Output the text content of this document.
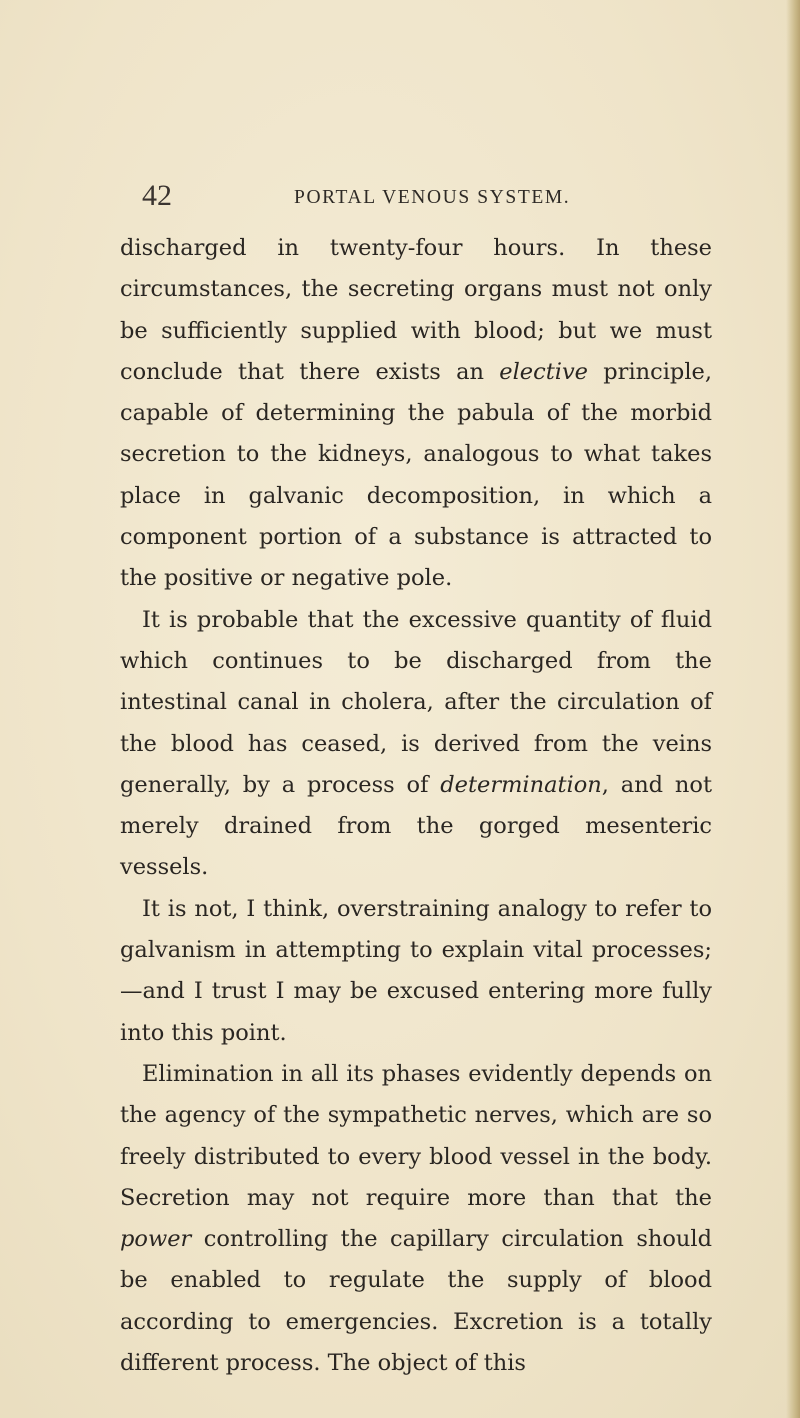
42	PORTAL VENOUS SYSTEM.

discharged in twenty-four hours. In these circumstances, the secreting organs must not only be sufficiently supplied with blood; but we must conclude that there exists an elective principle, capable of determining the pabula of the morbid secretion to the kidneys, analogous to what takes place in galvanic decomposition, in which a component portion of a substance is attracted to the positive or negative pole.

It is probable that the excessive quantity of fluid which continues to be discharged from the intestinal canal in cholera, after the circulation of the blood has ceased, is derived from the veins generally, by a process of determination, and not merely drained from the gorged mesenteric vessels.

It is not, I think, overstraining analogy to refer to galvanism in attempting to explain vital processes;—and I trust I may be excused entering more fully into this point.

Elimination in all its phases evidently depends on the agency of the sympathetic nerves, which are so freely distributed to every blood vessel in the body. Secretion may not require more than that the power controlling the capillary circulation should be enabled to regulate the supply of blood according to emergencies. Excretion is a totally different process. The object of this
